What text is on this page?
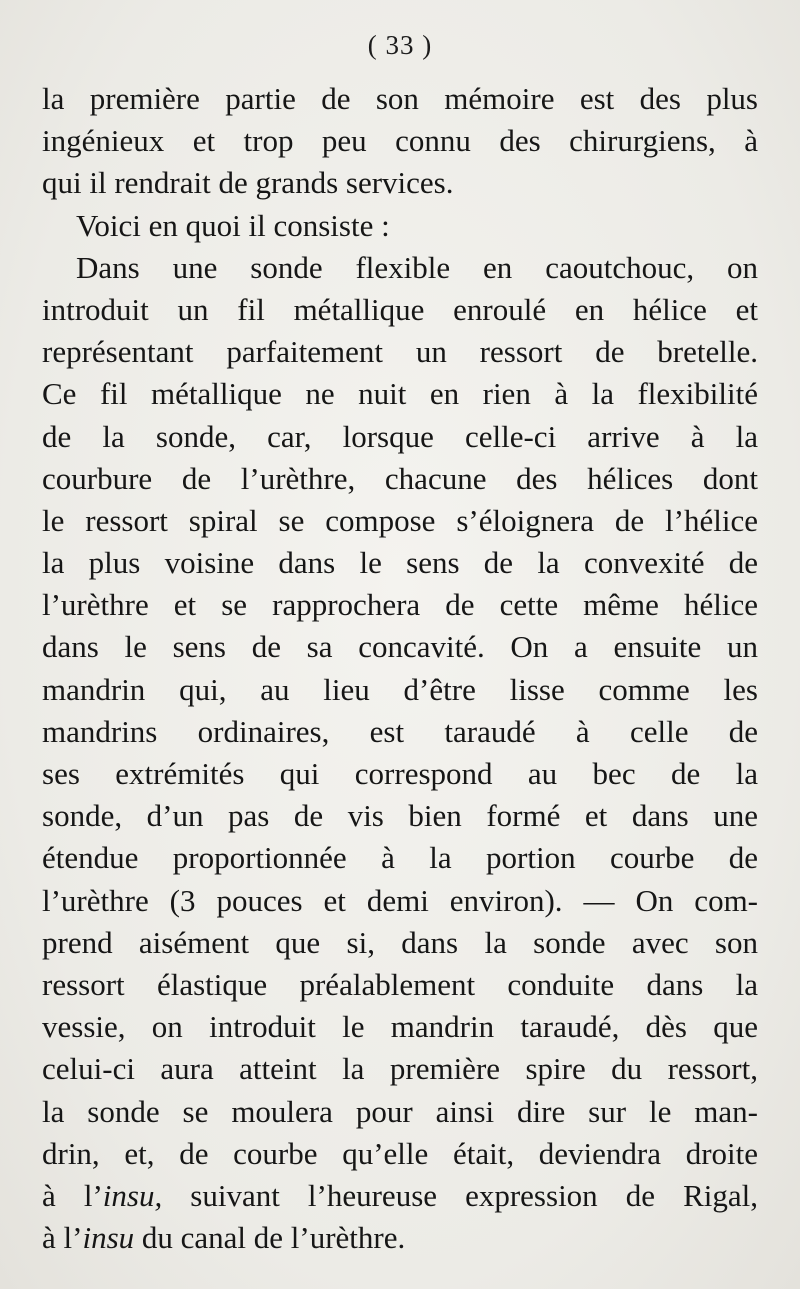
( 33 )
la première partie de son mémoire est des plus
ingénieux et trop peu connu des chirurgiens, à
qui il rendrait de grands services.
Voici en quoi il consiste :
Dans une sonde flexible en caoutchouc, on
introduit un fil métallique enroulé en hélice et
représentant parfaitement un ressort de bretelle.
Ce fil métallique ne nuit en rien à la flexibilité
de la sonde, car, lorsque celle-ci arrive à la
courbure de l’urèthre, chacune des hélices dont
le ressort spiral se compose s’éloignera de l’hélice
la plus voisine dans le sens de la convexité de
l’urèthre et se rapprochera de cette même hélice
dans le sens de sa concavité. On a ensuite un
mandrin qui, au lieu d’être lisse comme les
mandrins ordinaires, est taraudé à celle de
ses extrémités qui correspond au bec de la
sonde, d’un pas de vis bien formé et dans une
étendue proportionnée à la portion courbe de
l’urèthre (3 pouces et demi environ). — On com-
prend aisément que si, dans la sonde avec son
ressort élastique préalablement conduite dans la
vessie, on introduit le mandrin taraudé, dès que
celui-ci aura atteint la première spire du ressort,
la sonde se moulera pour ainsi dire sur le man-
drin, et, de courbe qu’elle était, deviendra droite
à l’insu, suivant l’heureuse expression de Rigal,
à l’insu du canal de l’urèthre.
